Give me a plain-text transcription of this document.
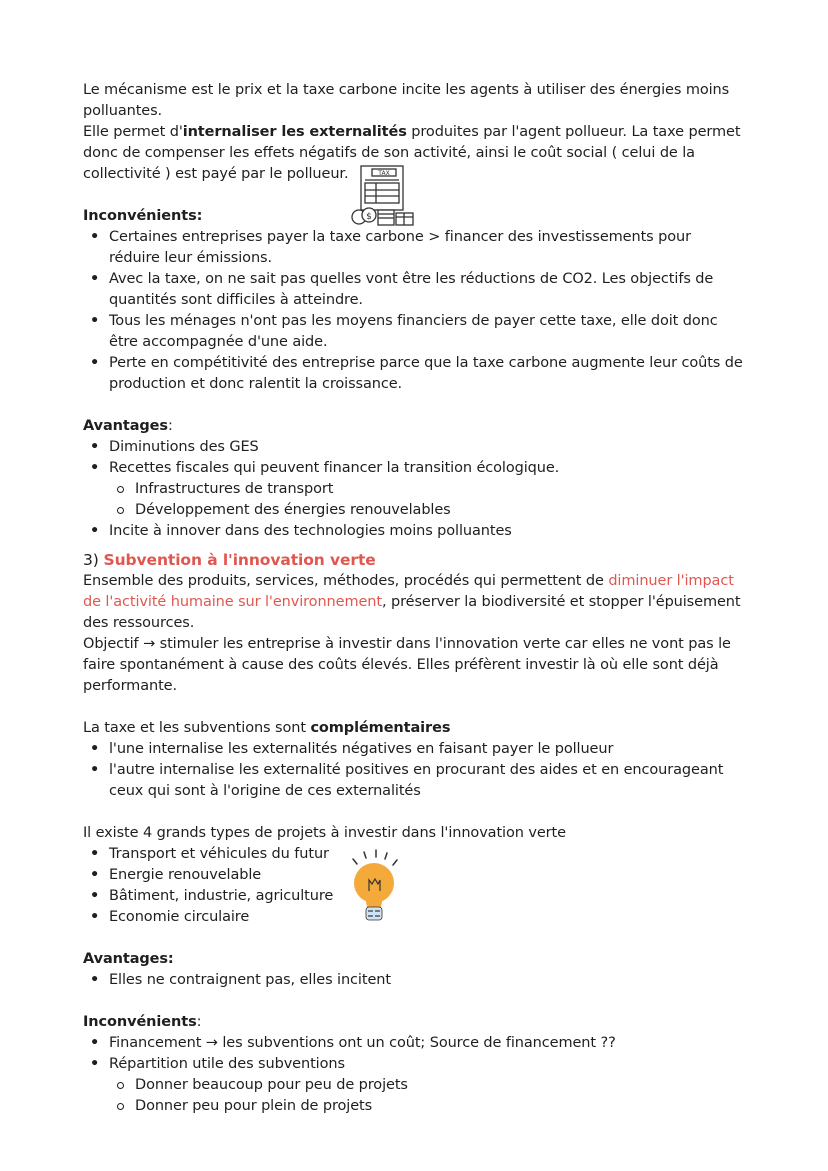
Le mécanisme est le prix et la taxe carbone incite les agents à utiliser des énergies moins polluantes.

Elle permet d'internaliser les externalités produites par l'agent pollueur. La taxe permet donc de compenser les effets négatifs de son activité, ainsi le coût social ( celui de la collectivité ) est payé par le pollueur.

Inconvénients:

• Certaines entreprises payer la taxe carbone > financer des investissements pour réduire leur émissions.
• Avec la taxe, on ne sait pas quelles vont être les réductions de CO2. Les objectifs de quantités sont difficiles à atteindre.
• Tous les ménages n'ont pas les moyens financiers de payer cette taxe, elle doit donc être accompagnée d'une aide.
• Perte en compétitivité des entreprise parce que la taxe carbone augmente leur coûts de production et donc ralentit la croissance.

Avantages:

• Diminutions des GES
• Recettes fiscales qui peuvent financer la transition écologique.
Infrastructures de transport
Développement des énergies renouvelables
• Incite à innover dans des technologies moins polluantes

3) Subvention à l'innovation verte

Ensemble des produits, services, méthodes, procédés qui permettent de diminuer l'impact de l'activité humaine sur l'environnement, préserver la biodiversité et stopper l'épuisement des ressources.

Objectif → stimuler les entreprise à investir dans l'innovation verte car elles ne vont pas le faire spontanément à cause des coûts élevés. Elles préfèrent investir là où elle sont déjà performante.

La taxe et les subventions sont complémentaires

• l'une internalise les externalités négatives en faisant payer le pollueur
• l'autre internalise les externalité positives en procurant des aides et en encourageant ceux qui sont à l'origine de ces externalités

Il existe 4 grands types de projets à investir dans l'innovation verte

• Transport et véhicules du futur
• Energie renouvelable
• Bâtiment, industrie, agriculture
• Economie circulaire

Avantages:

• Elles ne contraignent pas, elles incitent

Inconvénients:

• Financement → les subventions ont un coût; Source de financement ??
• Répartition utile des subventions
Donner beaucoup pour peu de projets
Donner peu pour plein de projets
TAX
$
